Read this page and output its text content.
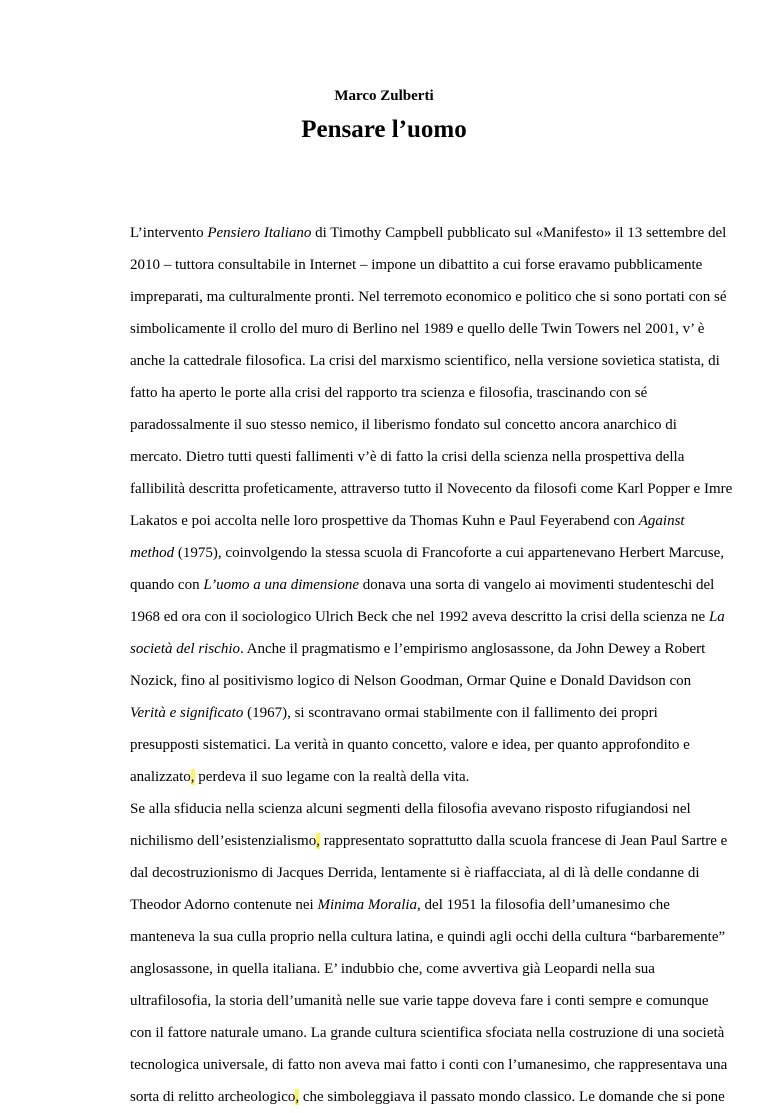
Marco Zulberti
Pensare l’uomo
L’intervento Pensiero Italiano di Timothy Campbell pubblicato sul «Manifesto» il 13 settembre del
2010 – tuttora consultabile in Internet – impone un dibattito a cui forse eravamo pubblicamente
impreparati, ma culturalmente pronti. Nel terremoto economico e politico che si sono portati con sé
simbolicamente il crollo del muro di Berlino nel 1989 e quello delle Twin Towers nel 2001, v’ è
anche la cattedrale filosofica. La crisi del marxismo scientifico, nella versione sovietica statista, di
fatto ha aperto le porte alla crisi del rapporto tra scienza e filosofia, trascinando con sé
paradossalmente il suo stesso nemico, il liberismo fondato sul concetto ancora anarchico di
mercato. Dietro tutti questi fallimenti v’è di fatto la crisi della scienza nella prospettiva della
fallibilità descritta profeticamente, attraverso tutto il Novecento da filosofi come Karl Popper e Imre
Lakatos e poi accolta nelle loro prospettive da Thomas Kuhn e Paul Feyerabend con Against
method (1975), coinvolgendo la stessa scuola di Francoforte a cui appartenevano Herbert Marcuse,
quando con L’uomo a una dimensione donava una sorta di vangelo ai movimenti studenteschi del
1968 ed ora con il sociologico Ulrich Beck che nel 1992 aveva descritto la crisi della scienza ne La
società del rischio. Anche il pragmatismo e l’empirismo anglosassone, da John Dewey a Robert
Nozick, fino al positivismo logico di Nelson Goodman, Ormar Quine e Donald Davidson con
Verità e significato (1967), si scontravano ormai stabilmente con il fallimento dei propri
presupposti sistematici. La verità in quanto concetto, valore e idea, per quanto approfondito e
analizzato, perdeva il suo legame con la realtà della vita.
Se alla sfiducia nella scienza alcuni segmenti della filosofia avevano risposto rifugiandosi nel
nichilismo dell’esistenzialismo, rappresentato soprattutto dalla scuola francese di Jean Paul Sartre e
dal decostruzionismo di Jacques Derrida, lentamente si è riaffacciata, al di là delle condanne di
Theodor Adorno contenute nei Minima Moralia, del 1951 la filosofia dell’umanesimo che
manteneva la sua culla proprio nella cultura latina, e quindi agli occhi della cultura “barbaremente”
anglosassone, in quella italiana. E’ indubbio che, come avvertiva già Leopardi nella sua
ultrafilosofia, la storia dell’umanità nelle sue varie tappe doveva fare i conti sempre e comunque
con il fattore naturale umano. La grande cultura scientifica sfociata nella costruzione di una società
tecnologica universale, di fatto non aveva mai fatto i conti con l’umanesimo, che rappresentava una
sorta di relitto archeologico, che simboleggiava il passato mondo classico. Le domande che si pone
